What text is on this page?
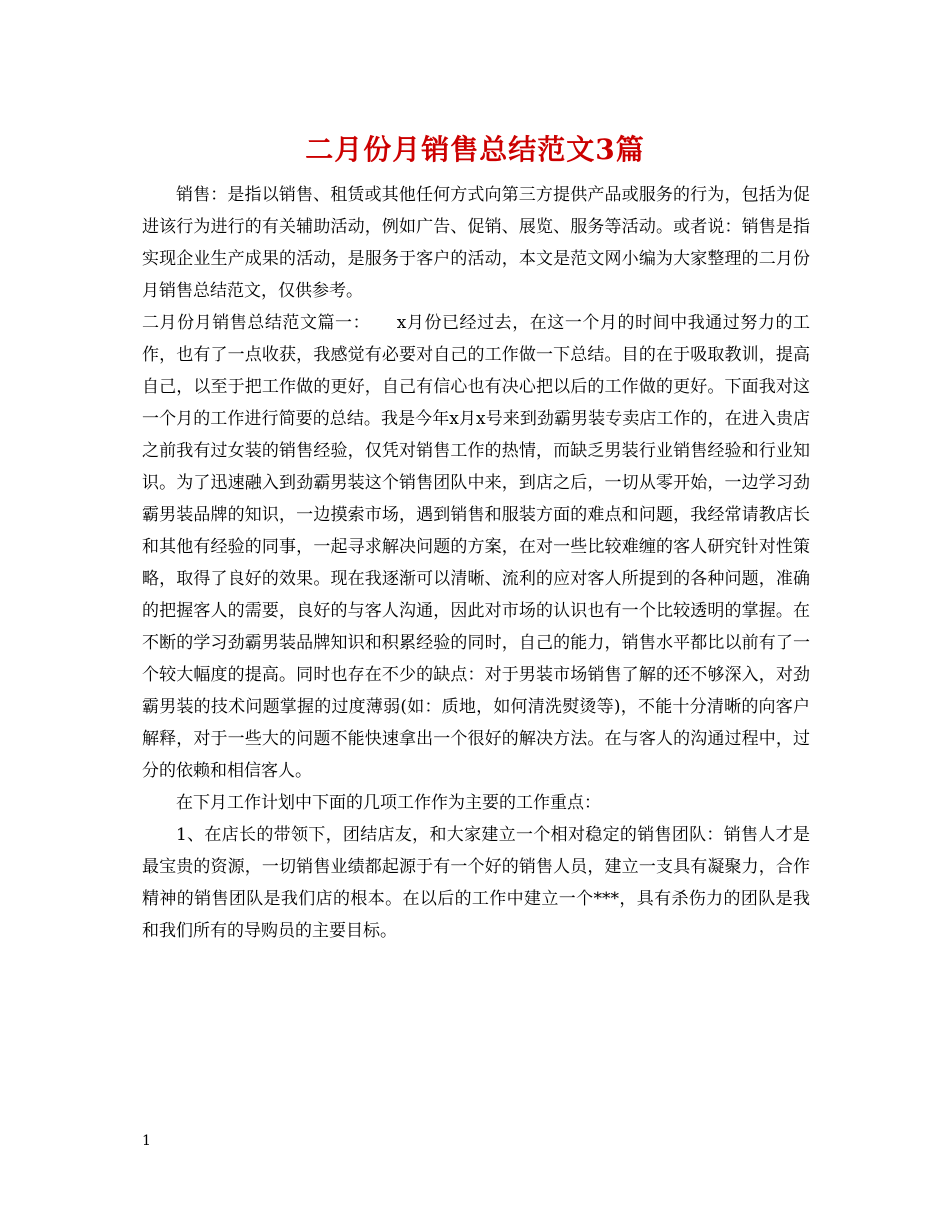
二月份月销售总结范文3篇

销售：是指以销售、租赁或其他任何方式向第三方提供产品或服务的行为，包括为促进该行为进行的有关辅助活动，例如广告、促销、展览、服务等活动。或者说：销售是指实现企业生产成果的活动，是服务于客户的活动，本文是范文网小编为大家整理的二月份月销售总结范文，仅供参考。

二月份月销售总结范文篇一：　　x月份已经过去，在这一个月的时间中我通过努力的工作，也有了一点收获，我感觉有必要对自己的工作做一下总结。目的在于吸取教训，提高自己，以至于把工作做的更好，自己有信心也有决心把以后的工作做的更好。下面我对这一个月的工作进行简要的总结。我是今年x月x号来到劲霸男装专卖店工作的，在进入贵店之前我有过女装的销售经验，仅凭对销售工作的热情，而缺乏男装行业销售经验和行业知识。为了迅速融入到劲霸男装这个销售团队中来，到店之后，一切从零开始，一边学习劲霸男装品牌的知识，一边摸索市场，遇到销售和服装方面的难点和问题，我经常请教店长和其他有经验的同事，一起寻求解决问题的方案，在对一些比较难缠的客人研究针对性策略，取得了良好的效果。现在我逐渐可以清晰、流利的应对客人所提到的各种问题，准确的把握客人的需要，良好的与客人沟通，因此对市场的认识也有一个比较透明的掌握。在不断的学习劲霸男装品牌知识和积累经验的同时，自己的能力，销售水平都比以前有了一个较大幅度的提高。同时也存在不少的缺点：对于男装市场销售了解的还不够深入，对劲霸男装的技术问题掌握的过度薄弱(如：质地，如何清洗熨烫等)，不能十分清晰的向客户解释，对于一些大的问题不能快速拿出一个很好的解决方法。在与客人的沟通过程中，过分的依赖和相信客人。

在下月工作计划中下面的几项工作作为主要的工作重点：

1、在店长的带领下，团结店友，和大家建立一个相对稳定的销售团队：销售人才是最宝贵的资源，一切销售业绩都起源于有一个好的销售人员，建立一支具有凝聚力，合作精神的销售团队是我们店的根本。在以后的工作中建立一个***，具有杀伤力的团队是我和我们所有的导购员的主要目标。

1
